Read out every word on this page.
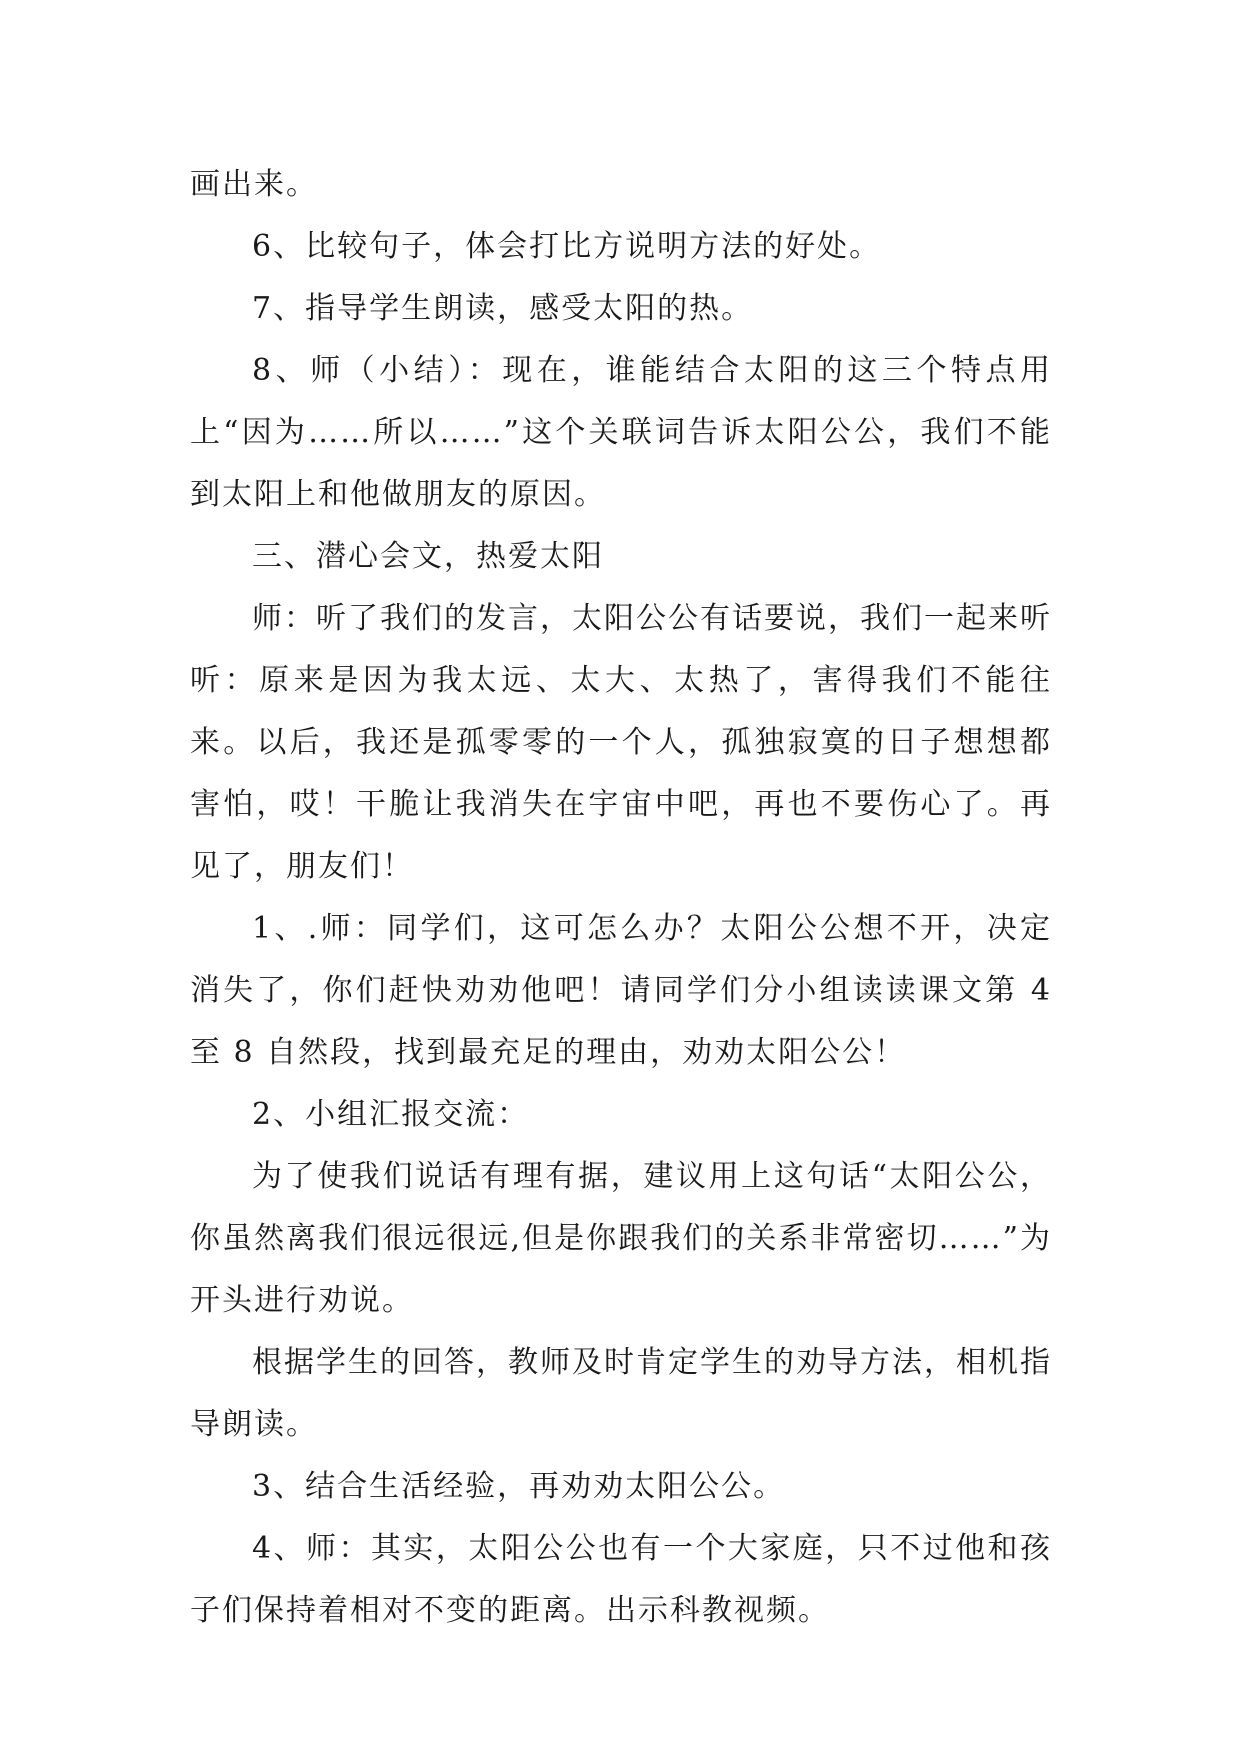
画出来。

6、比较句子，体会打比方说明方法的好处。

7、指导学生朗读，感受太阳的热。

8、师（小结）：现在，谁能结合太阳的这三个特点用上“因为……所以……”这个关联词告诉太阳公公，我们不能到太阳上和他做朋友的原因。

三、潜心会文，热爱太阳

师：听了我们的发言，太阳公公有话要说，我们一起来听听：原来是因为我太远、太大、太热了，害得我们不能往来。以后，我还是孤零零的一个人，孤独寂寞的日子想想都害怕，哎！干脆让我消失在宇宙中吧，再也不要伤心了。再见了，朋友们！

1、.师：同学们，这可怎么办？太阳公公想不开，决定消失了，你们赶快劝劝他吧！请同学们分小组读读课文第 4 至 8 自然段，找到最充足的理由，劝劝太阳公公！

2、小组汇报交流：

为了使我们说话有理有据，建议用上这句话“太阳公公，你虽然离我们很远很远,但是你跟我们的关系非常密切……”为开头进行劝说。

根据学生的回答，教师及时肯定学生的劝导方法，相机指导朗读。

3、结合生活经验，再劝劝太阳公公。

4、师：其实，太阳公公也有一个大家庭，只不过他和孩子们保持着相对不变的距离。出示科教视频。
